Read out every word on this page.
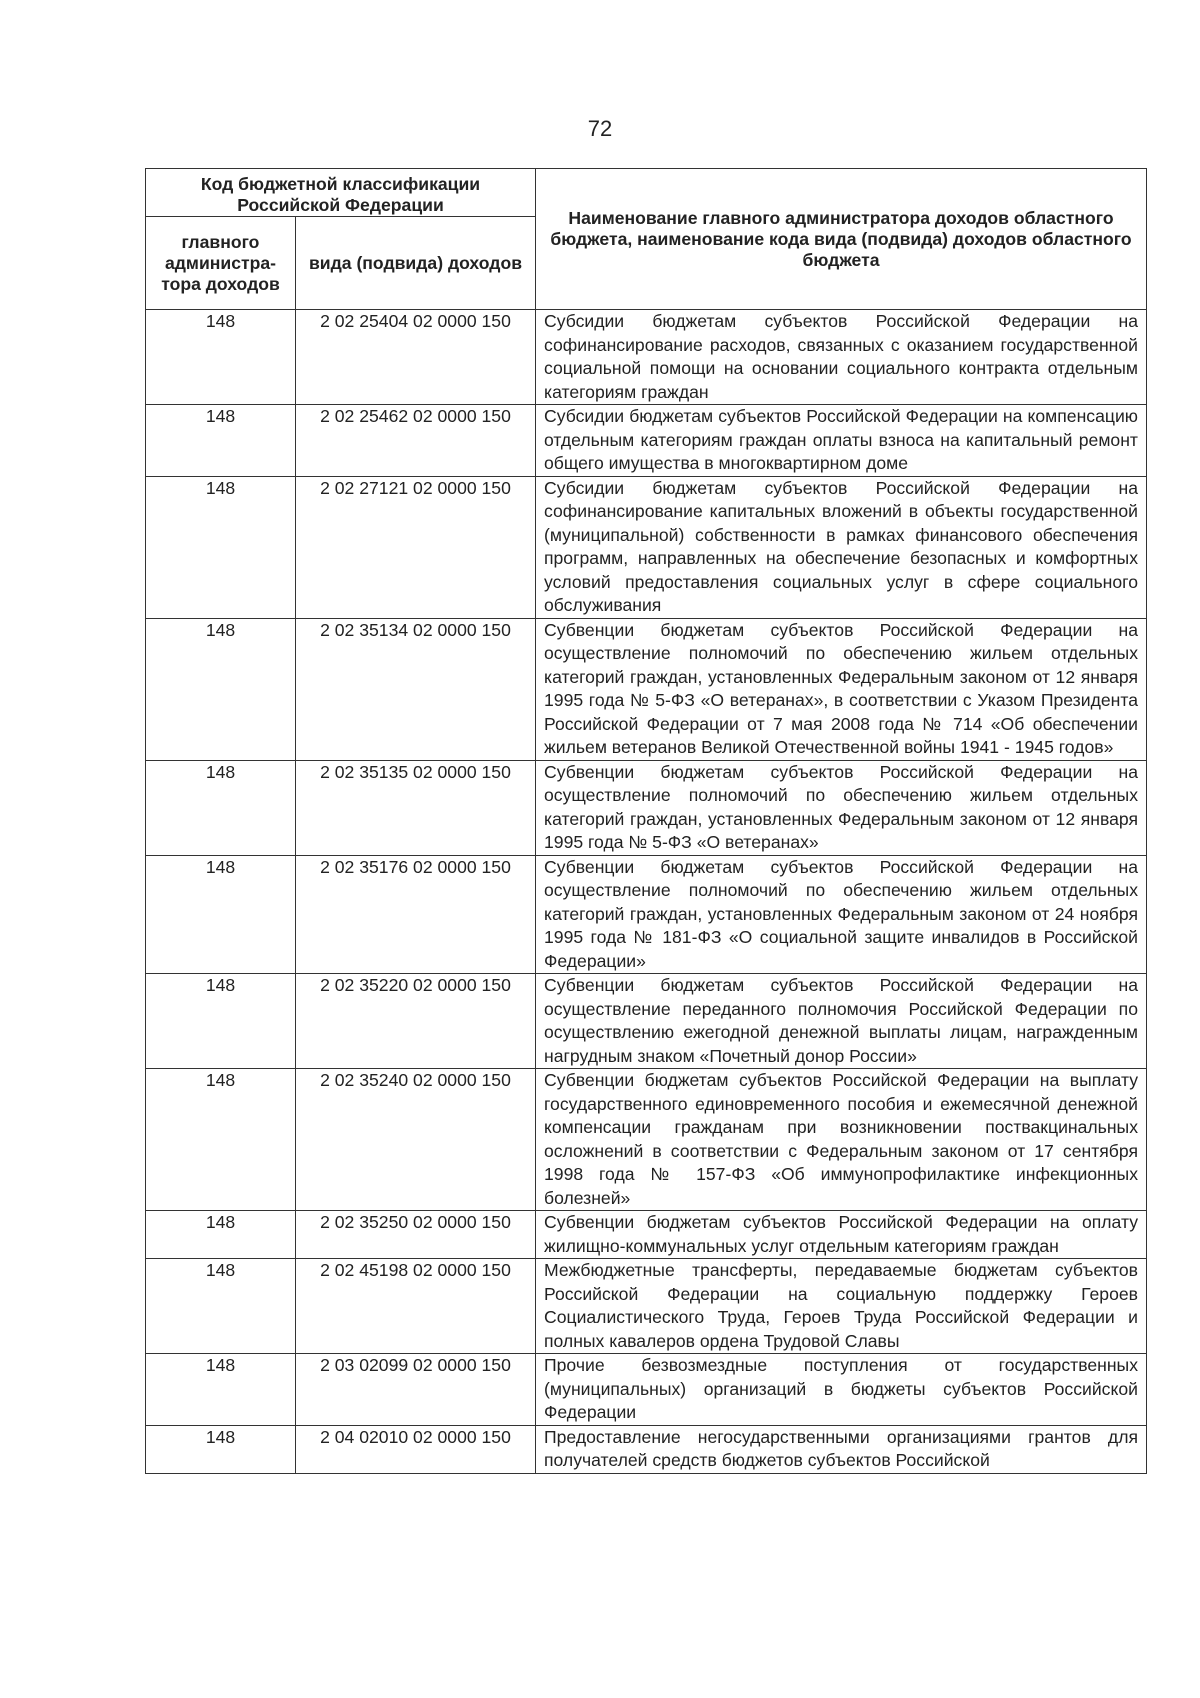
72
Код бюджетной классификации Российской Федерации		Наименование главного администратора доходов областного бюджета, наименование кода вида (подвида) доходов областного бюджета
главного администра-тора доходов	вида (подвида) доходов	
148	2 02 25404 02 0000 150	Субсидии бюджетам субъектов Российской Федерации на софинансирование расходов, связанных с оказанием государственной социальной помощи на основании социального контракта отдельным категориям граждан
148	2 02 25462 02 0000 150	Субсидии бюджетам субъектов Российской Федерации на компенсацию отдельным категориям граждан оплаты взноса на капитальный ремонт общего имущества в многоквартирном доме
148	2 02 27121 02 0000 150	Субсидии бюджетам субъектов Российской Федерации на софинансирование капитальных вложений в объекты государственной (муниципальной) собственности в рамках финансового обеспечения программ, направленных на обеспечение безопасных и комфортных условий предоставления социальных услуг в сфере социального обслуживания
148	2 02 35134 02 0000 150	Субвенции бюджетам субъектов Российской Федерации на осуществление полномочий по обеспечению жильем отдельных категорий граждан, установленных Федеральным законом от 12 января 1995 года № 5-ФЗ «О ветеранах», в соответствии с Указом Президента Российской Федерации от 7 мая 2008 года № 714 «Об обеспечении жильем ветеранов Великой Отечественной войны 1941 - 1945 годов»
148	2 02 35135 02 0000 150	Субвенции бюджетам субъектов Российской Федерации на осуществление полномочий по обеспечению жильем отдельных категорий граждан, установленных Федеральным законом от 12 января 1995 года № 5-ФЗ «О ветеранах»
148	2 02 35176 02 0000 150	Субвенции бюджетам субъектов Российской Федерации на осуществление полномочий по обеспечению жильем отдельных категорий граждан, установленных Федеральным законом от 24 ноября 1995 года № 181-ФЗ «О социальной защите инвалидов в Российской Федерации»
148	2 02 35220 02 0000 150	Субвенции бюджетам субъектов Российской Федерации на осуществление переданного полномочия Российской Федерации по осуществлению ежегодной денежной выплаты лицам, награжденным нагрудным знаком «Почетный донор России»
148	2 02 35240 02 0000 150	Субвенции бюджетам субъектов Российской Федерации на выплату государственного единовременного пособия и ежемесячной денежной компенсации гражданам при возникновении поствакцинальных осложнений в соответствии с Федеральным законом от 17 сентября 1998 года № 157-ФЗ «Об иммунопрофилактике инфекционных болезней»
148	2 02 35250 02 0000 150	Субвенции бюджетам субъектов Российской Федерации на оплату жилищно-коммунальных услуг отдельным категориям граждан
148	2 02 45198 02 0000 150	Межбюджетные трансферты, передаваемые бюджетам субъектов Российской Федерации на социальную поддержку Героев Социалистического Труда, Героев Труда Российской Федерации и полных кавалеров ордена Трудовой Славы
148	2 03 02099 02 0000 150	Прочие безвозмездные поступления от государственных (муниципальных) организаций в бюджеты субъектов Российской Федерации
148	2 04 02010 02 0000 150	Предоставление негосударственными организациями грантов для получателей средств бюджетов субъектов Российской
